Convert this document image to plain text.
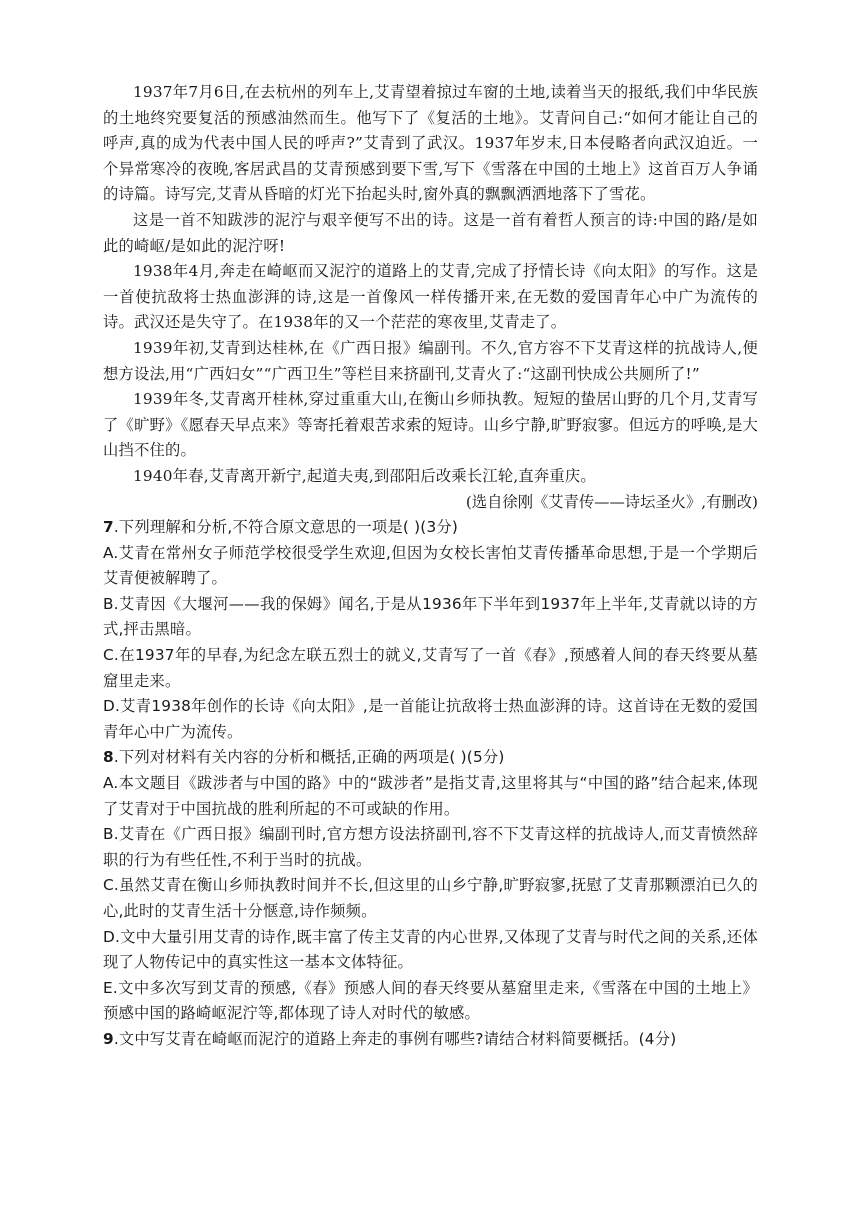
1937年7月6日,在去杭州的列车上,艾青望着掠过车窗的土地,读着当天的报纸,我们中华民族的土地终究要复活的预感油然而生。他写下了《复活的土地》。艾青问自己:“如何才能让自己的呼声,真的成为代表中国人民的呼声?”艾青到了武汉。1937年岁末,日本侵略者向武汉迫近。一个异常寒冷的夜晚,客居武昌的艾青预感到要下雪,写下《雪落在中国的土地上》这首百万人争诵的诗篇。诗写完,艾青从昏暗的灯光下抬起头时,窗外真的飘飘洒洒地落下了雪花。

这是一首不知跋涉的泥泞与艰辛便写不出的诗。这是一首有着哲人预言的诗:中国的路/是如此的崎岖/是如此的泥泞呀!

1938年4月,奔走在崎岖而又泥泞的道路上的艾青,完成了抒情长诗《向太阳》的写作。这是一首使抗敌将士热血澎湃的诗,这是一首像风一样传播开来,在无数的爱国青年心中广为流传的诗。武汉还是失守了。在1938年的又一个茫茫的寒夜里,艾青走了。

1939年初,艾青到达桂林,在《广西日报》编副刊。不久,官方容不下艾青这样的抗战诗人,便想方设法,用“广西妇女”“广西卫生”等栏目来挤副刊,艾青火了:“这副刊快成公共厕所了!”

1939年冬,艾青离开桂林,穿过重重大山,在衡山乡师执教。短短的蛰居山野的几个月,艾青写了《旷野》《愿春天早点来》等寄托着艰苦求索的短诗。山乡宁静,旷野寂寥。但远方的呼唤,是大山挡不住的。

1940年春,艾青离开新宁,起道夫夷,到邵阳后改乘长江轮,直奔重庆。

(选自徐刚《艾青传——诗坛圣火》,有删改)

7.下列理解和分析,不符合原文意思的一项是( )(3分)

A.艾青在常州女子师范学校很受学生欢迎,但因为女校长害怕艾青传播革命思想,于是一个学期后艾青便被解聘了。

B.艾青因《大堰河——我的保姆》闻名,于是从1936年下半年到1937年上半年,艾青就以诗的方式,抨击黑暗。

C.在1937年的早春,为纪念左联五烈士的就义,艾青写了一首《春》,预感着人间的春天终要从墓窟里走来。

D.艾青1938年创作的长诗《向太阳》,是一首能让抗敌将士热血澎湃的诗。这首诗在无数的爱国青年心中广为流传。

8.下列对材料有关内容的分析和概括,正确的两项是( )(5分)

A.本文题目《跋涉者与中国的路》中的“跋涉者”是指艾青,这里将其与“中国的路”结合起来,体现了艾青对于中国抗战的胜利所起的不可或缺的作用。

B.艾青在《广西日报》编副刊时,官方想方设法挤副刊,容不下艾青这样的抗战诗人,而艾青愤然辞职的行为有些任性,不利于当时的抗战。

C.虽然艾青在衡山乡师执教时间并不长,但这里的山乡宁静,旷野寂寥,抚慰了艾青那颗漂泊已久的心,此时的艾青生活十分惬意,诗作频频。

D.文中大量引用艾青的诗作,既丰富了传主艾青的内心世界,又体现了艾青与时代之间的关系,还体现了人物传记中的真实性这一基本文体特征。

E.文中多次写到艾青的预感,《春》预感人间的春天终要从墓窟里走来,《雪落在中国的土地上》预感中国的路崎岖泥泞等,都体现了诗人对时代的敏感。

9.文中写艾青在崎岖而泥泞的道路上奔走的事例有哪些?请结合材料简要概括。(4分)
